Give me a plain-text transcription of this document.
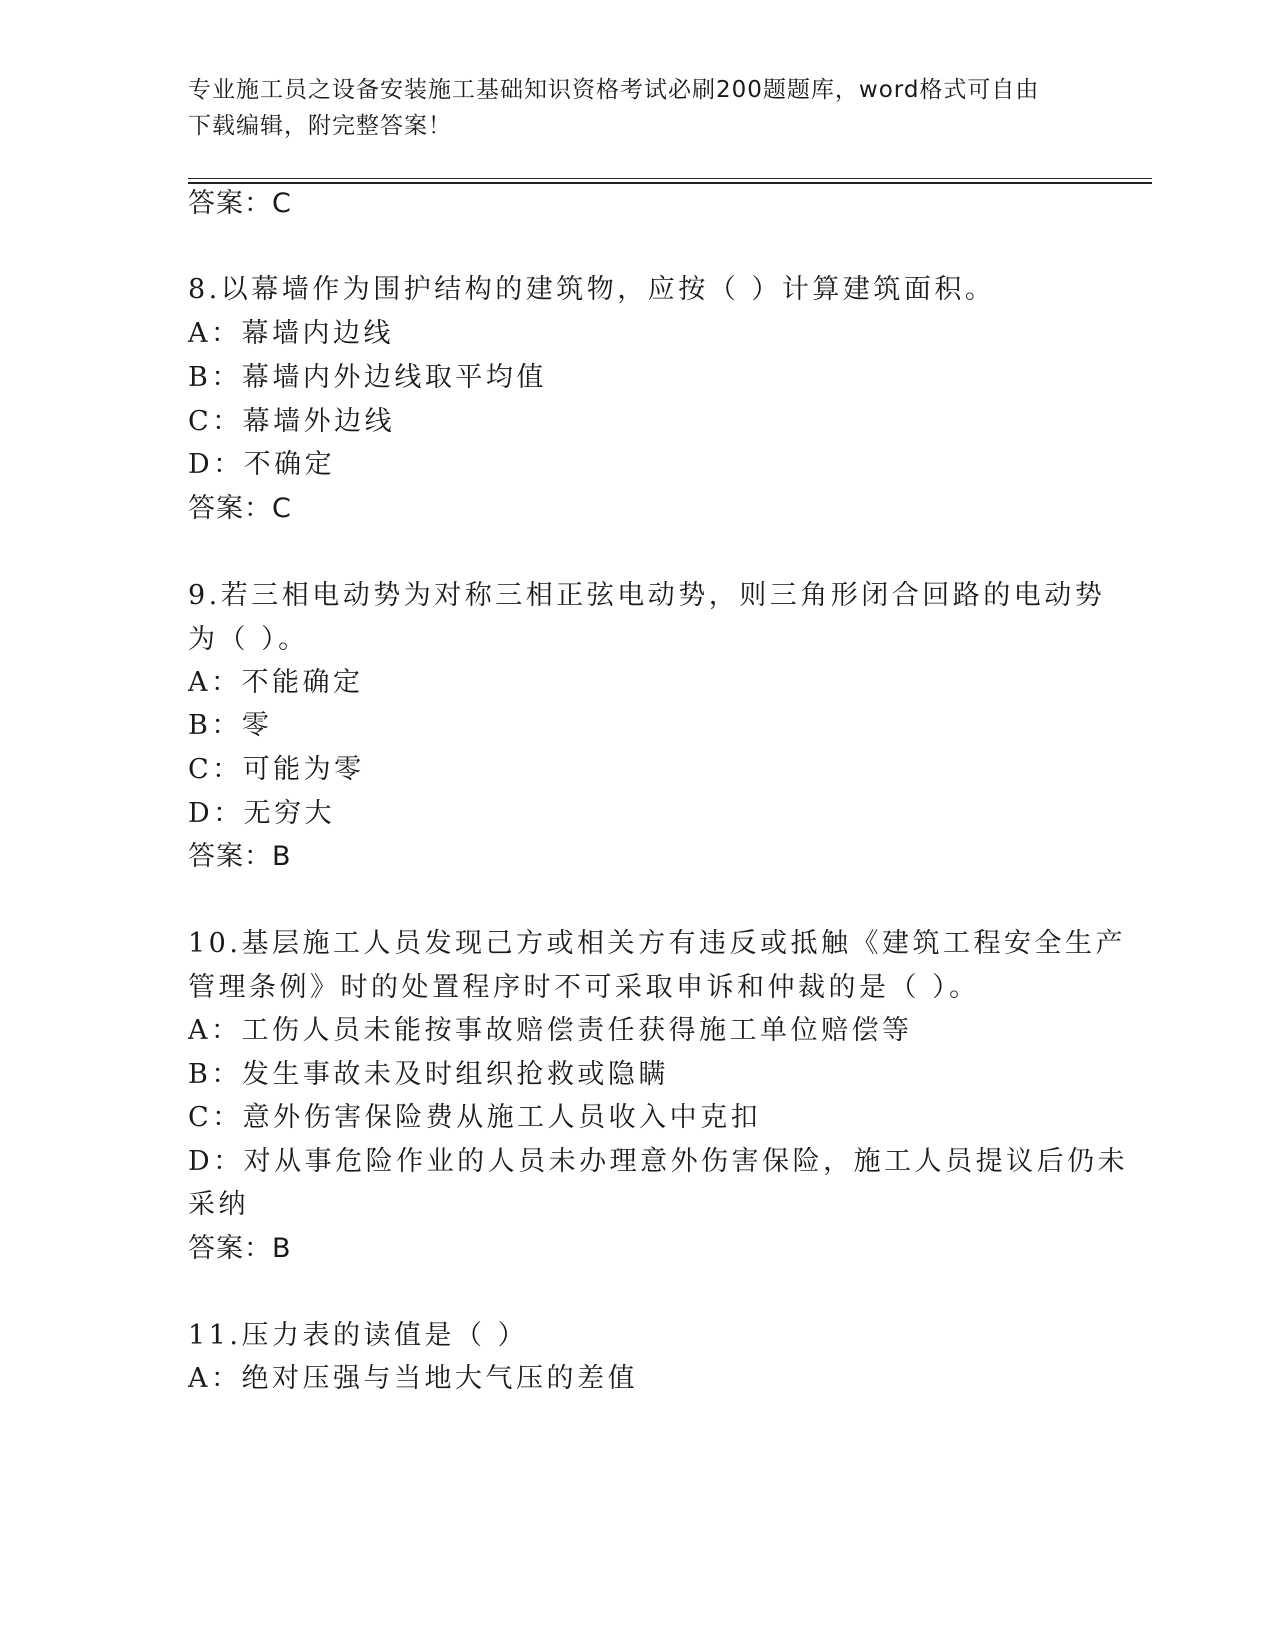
专业施工员之设备安装施工基础知识资格考试必刷200题题库，word格式可自由
下载编辑，附完整答案！
答案：C
8.以幕墙作为围护结构的建筑物，应按（ ）计算建筑面积。
A：幕墙内边线
B：幕墙内外边线取平均值
C：幕墙外边线
D：不确定
答案：C
9.若三相电动势为对称三相正弦电动势，则三角形闭合回路的电动势
为（ ）。
A：不能确定
B：零
C：可能为零
D：无穷大
答案：B
10.基层施工人员发现己方或相关方有违反或抵触《建筑工程安全生产
管理条例》时的处置程序时不可采取申诉和仲裁的是（ ）。
A：工伤人员未能按事故赔偿责任获得施工单位赔偿等
B：发生事故未及时组织抢救或隐瞒
C：意外伤害保险费从施工人员收入中克扣
D：对从事危险作业的人员未办理意外伤害保险，施工人员提议后仍未
采纳
答案：B
11.压力表的读值是（ ）
A：绝对压强与当地大气压的差值
